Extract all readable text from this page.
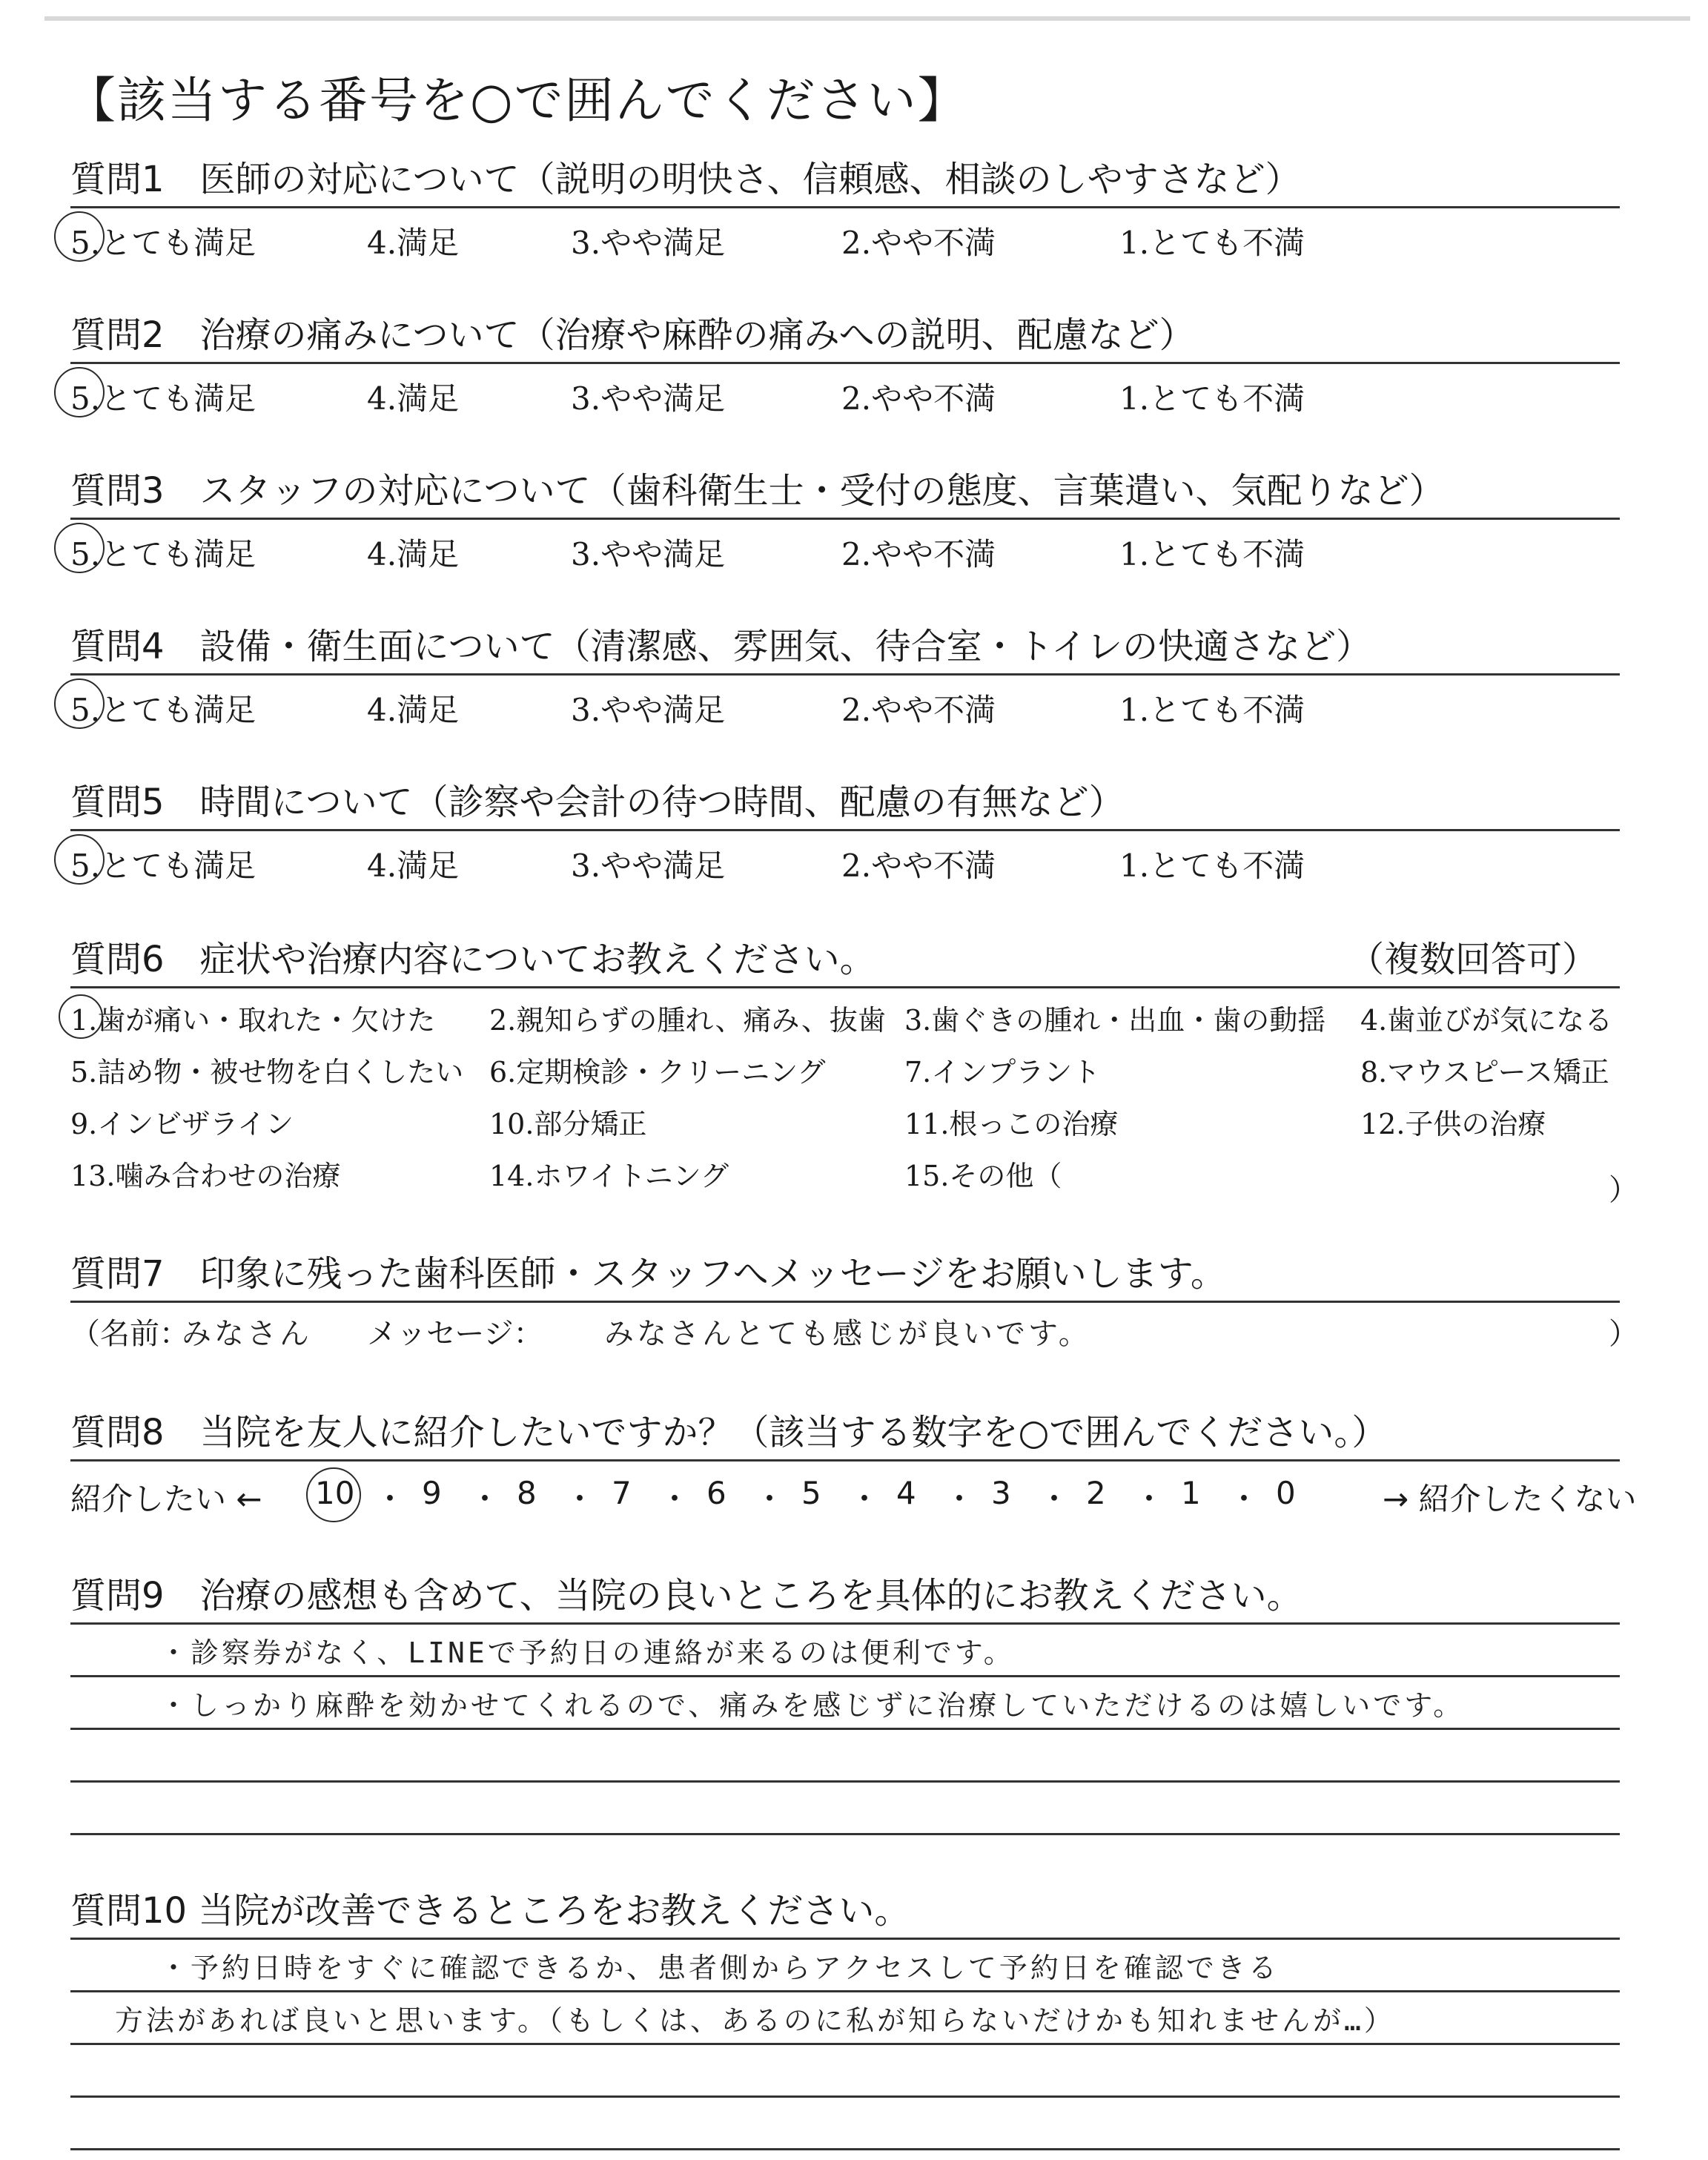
【該当する番号を○で囲んでください】
質問1　医師の対応について（説明の明快さ、信頼感、相談のしやすさなど）
5.とても満足	4.満足	3.やや満足	2.やや不満	1.とても不満
質問2　治療の痛みについて（治療や麻酔の痛みへの説明、配慮など）
5.とても満足	4.満足	3.やや満足	2.やや不満	1.とても不満
質問3　スタッフの対応について（歯科衛生士・受付の態度、言葉遣い、気配りなど）
5.とても満足	4.満足	3.やや満足	2.やや不満	1.とても不満
質問4　設備・衛生面について（清潔感、雰囲気、待合室・トイレの快適さなど）
5.とても満足	4.満足	3.やや満足	2.やや不満	1.とても不満
質問5　時間について（診察や会計の待つ時間、配慮の有無など）
5.とても満足	4.満足	3.やや満足	2.やや不満	1.とても不満
質問6　症状や治療内容についてお教えください。	（複数回答可）
）
1.歯が痛い・取れた・欠けた 2.親知らずの腫れ、痛み、抜歯 3.歯ぐきの腫れ・出血・歯の動揺 4.歯並びが気になる
5.詰め物・被せ物を白くしたい 6.定期検診・クリーニング	7.インプラント	8.マウスピース矯正
9.インビザライン	10.部分矯正	11.根っこの治療	12.子供の治療
13.噛み合わせの治療	14.ホワイトニング	15.その他（
質問7　印象に残った歯科医師・スタッフへメッセージをお願いします。
（名前：
みなさん メッセージ： みなさんとても感じが良いです。	）
質問8　当院を友人に紹介したいですか？（該当する数字を○で囲んでください。）
紹介したい ←	→ 紹介したくない
10 ・ 9 ・ 8 ・ 7 ・ 6 ・ 5 ・ 4 ・ 3 ・ 2 ・ 1 ・ 0
質問9　治療の感想も含めて、当院の良いところを具体的にお教えください。
・診察券がなく、LINEで予約日の連絡が来るのは便利です。
・しっかり麻酔を効かせてくれるので、痛みを感じずに治療していただけるのは嬉しいです。
質問10 当院が改善できるところをお教えください。
・予約日時をすぐに確認できるか、患者側からアクセスして予約日を確認できる
方法があれば良いと思います。（もしくは、あるのに私が知らないだけかも知れませんが…）
